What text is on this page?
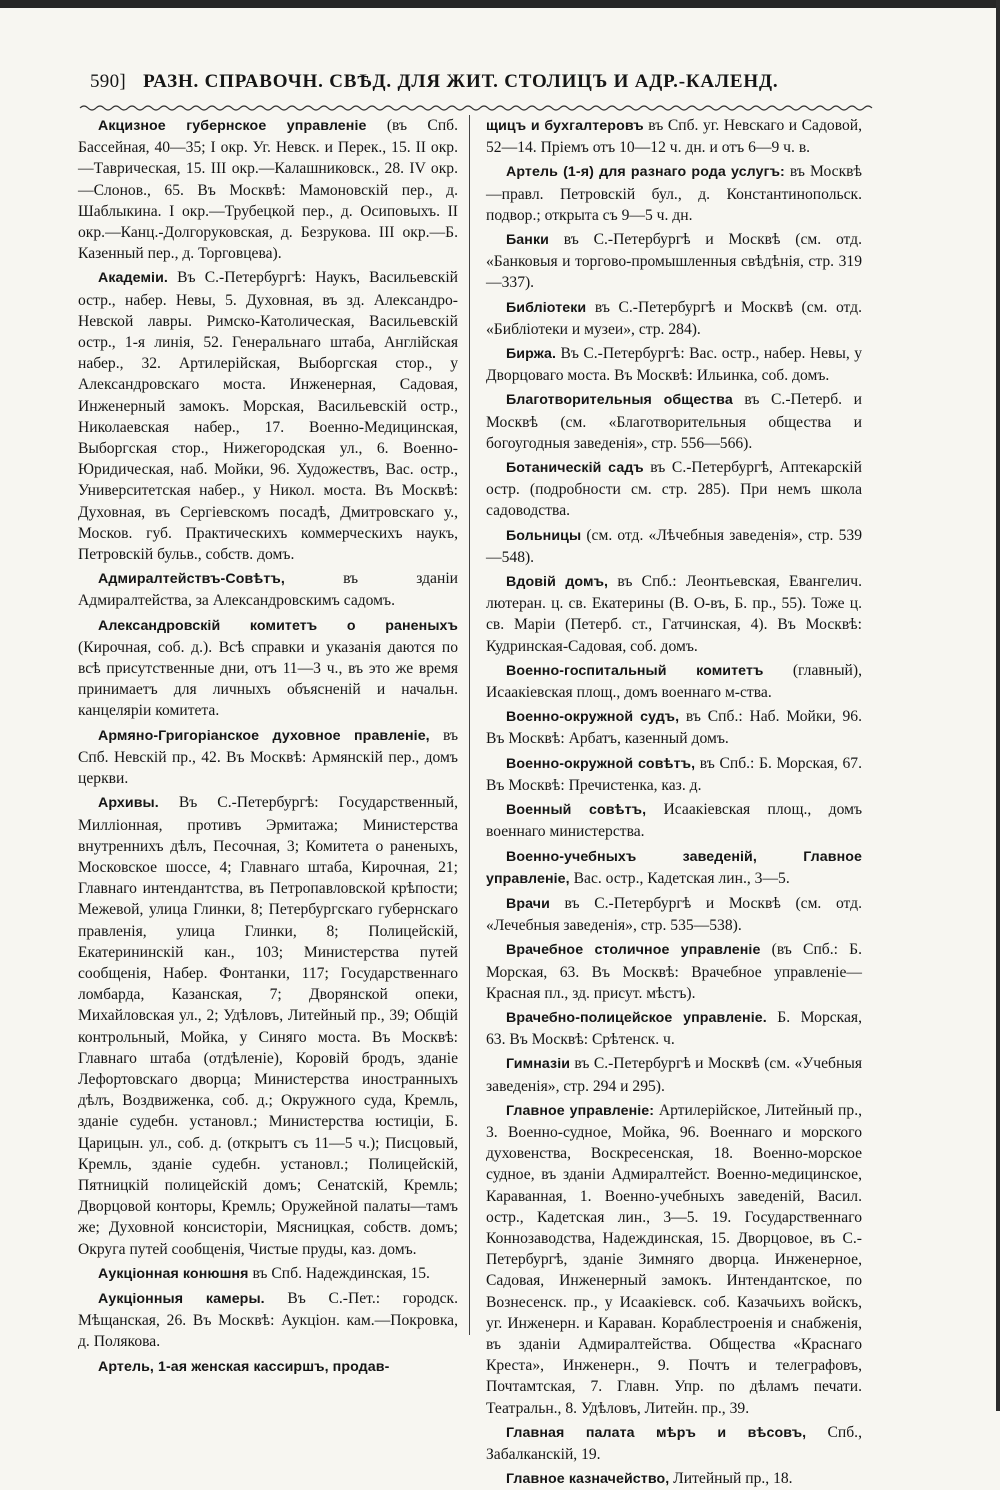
590] РАЗН. СПРАВОЧН. СВѢД. ДЛЯ ЖИТ. СТОЛИЦЪ И АДР.-КАЛЕНД.

Акцизное губернское управленіе (въ Спб. Бассейная, 40—35; І окр. Уг. Невск. и Перек., 15. II окр.—Таврическая, 15. III окр.—Калашниковск., 28. IV окр.—Слонов., 65. Въ Москвѣ: Мамоновскій пер., д. Шаблыкина. І окр.—Трубецкой пер., д. Осиповыхъ. II окр.—Канц.-Долгоруковская, д. Безрукова. III окр.—Б. Казенный пер., д. Торговцева).

Академіи. Въ С.-Петербургѣ: Наукъ, Васильевскій остр., набер. Невы, 5. Духовная, въ зд. Александро-Невской лавры. Римско-Католическая, Васильевскій остр., 1-я линія, 52. Генеральнаго штаба, Англійская набер., 32. Артилерійская, Выборгская стор., у Александровскаго моста. Инженерная, Садовая, Инженерный замокъ. Морская, Васильевскій остр., Николаевская набер., 17. Военно-Медицинская, Выборгская стор., Нижегородская ул., 6. Военно-Юридическая, наб. Мойки, 96. Художествъ, Вас. остр., Университетская набер., у Никол. моста. Въ Москвѣ: Духовная, въ Сергіевскомъ посадѣ, Дмитровскаго у., Москов. губ. Практическихъ коммерческихъ наукъ, Петровскій бульв., собств. домъ.

Адмиралтействъ-Совѣтъ, въ зданіи Адмиралтейства, за Александровскимъ садомъ.

Александровскій комитетъ о раненыхъ (Кирочная, соб. д.). Всѣ справки и указанія даются по всѣ присутственные дни, отъ 11—3 ч., въ это же время принимаетъ для личныхъ объясненій и начальн. канцеляріи комитета.

Армяно-Григоріанское духовное правленіе, въ Спб. Невскій пр., 42. Въ Москвѣ: Армянскій пер., домъ церкви.

Архивы. Въ С.-Петербургѣ: Государственный, Милліонная, противъ Эрмитажа; Министерства внутреннихъ дѣлъ, Песочная, 3; Комитета о раненыхъ, Московское шоссе, 4; Главнаго штаба, Кирочная, 21; Главнаго интендантства, въ Петропавловской крѣпости; Межевой, улица Глинки, 8; Петербургскаго губернскаго правленія, улица Глинки, 8; Полицейскій, Екатерининскій кан., 103; Министерства путей сообщенія, Набер. Фонтанки, 117; Государственнаго ломбарда, Казанская, 7; Дворянской опеки, Михайловская ул., 2; Удѣловъ, Литейный пр., 39; Общій контрольный, Мойка, у Синяго моста. Въ Москвѣ: Главнаго штаба (отдѣленіе), Коровій бродъ, зданіе Лефортовскаго дворца; Министерства иностранныхъ дѣлъ, Воздвиженка, соб. д.; Окружного суда, Кремль, зданіе судебн. установл.; Министерства юстиціи, Б. Царицын. ул., соб. д. (открытъ съ 11—5 ч.); Писцовый, Кремль, зданіе судебн. установл.; Полицейскій, Пятницкій полицейскій домъ; Сенатскій, Кремль; Дворцовой конторы, Кремль; Оружейной палаты—тамъ же; Духовной консисторіи, Мясницкая, собств. домъ; Округа путей сообщенія, Чистые пруды, каз. домъ.

Аукціонная конюшня въ Спб. Надеждинская, 15.

Аукціонныя камеры. Въ С.-Пет.: городск. Мѣщанская, 26. Въ Москвѣ: Аукціон. кам.—Покровка, д. Полякова.

Артель, 1-ая женская кассиршъ, продав-

щицъ и бухгалтеровъ въ Спб. уг. Невскаго и Садовой, 52—14. Пріемъ отъ 10—12 ч. дн. и отъ 6—9 ч. в.

Артель (1-я) для разнаго рода услугъ: въ Москвѣ—правл. Петровскій бул., д. Константинопольск. подвор.; открыта съ 9—5 ч. дн.

Банки въ С.-Петербургѣ и Москвѣ (см. отд. «Банковыя и торгово-промышленныя свѣдѣнія, стр. 319—337).

Библіотеки въ С.-Петербургѣ и Москвѣ (см. отд. «Библіотеки и музеи», стр. 284).

Биржа. Въ С.-Петербургѣ: Вас. остр., набер. Невы, у Дворцоваго моста. Въ Москвѣ: Ильинка, соб. домъ.

Благотворительныя общества въ С.-Петерб. и Москвѣ (см. «Благотворительныя общества и богоугодныя заведенія», стр. 556—566).

Ботаническій садъ въ С.-Петербургѣ, Аптекарскій остр. (подробности см. стр. 285). При немъ школа садоводства.

Больницы (см. отд. «Лѣчебныя заведенія», стр. 539—548).

Вдовій домъ, въ Спб.: Леонтьевская, Евангелич. лютеран. ц. св. Екатерины (В. О-въ, Б. пр., 55). Тоже ц. св. Маріи (Петерб. ст., Гатчинская, 4). Въ Москвѣ: Кудринская-Садовая, соб. домъ.

Военно-госпитальный комитетъ (главный), Исаакіевская площ., домъ военнаго м-ства.

Военно-окружной судъ, въ Спб.: Наб. Мойки, 96. Въ Москвѣ: Арбатъ, казенный домъ.

Военно-окружной совѣтъ, въ Спб.: Б. Морская, 67. Въ Москвѣ: Пречистенка, каз. д.

Военный совѣтъ, Исаакіевская площ., домъ военнаго министерства.

Военно-учебныхъ заведеній, Главное управленіе, Вас. остр., Кадетская лин., 3—5.

Врачи въ С.-Петербургѣ и Москвѣ (см. отд. «Лечебныя заведенія», стр. 535—538).

Врачебное столичное управленіе (въ Спб.: Б. Морская, 63. Въ Москвѣ: Врачебное управленіе—Красная пл., зд. присут. мѣстъ).

Врачебно-полицейское управленіе. Б. Морская, 63. Въ Москвѣ: Срѣтенск. ч.

Гимназіи въ С.-Петербургѣ и Москвѣ (см. «Учебныя заведенія», стр. 294 и 295).

Главное управленіе: Артилерійское, Литейный пр., 3. Военно-судное, Мойка, 96. Военнаго и морского духовенства, Воскресенская, 18. Военно-морское судное, въ зданіи Адмиралтейст. Военно-медицинское, Караванная, 1. Военно-учебныхъ заведеній, Васил. остр., Кадетская лин., 3—5. 19. Государственнаго Коннозаводства, Надеждинская, 15. Дворцовое, въ С.-Петербургѣ, зданіе Зимняго дворца. Инженерное, Садовая, Инженерный замокъ. Интендантское, по Вознесенск. пр., у Исаакіевск. соб. Казачьихъ войскъ, уг. Инженерн. и Караван. Кораблестроенія и снабженія, въ зданіи Адмиралтейства. Общества «Краснаго Креста», Инженерн., 9. Почтъ и телеграфовъ, Почтамтская, 7. Главн. Упр. по дѣламъ печати. Театральн., 8. Удѣловъ, Литейн. пр., 39.

Главная палата мѣръ и вѣсовъ, Спб., Забалканскій, 19.

Главное казначейство, Литейный пр., 18.
